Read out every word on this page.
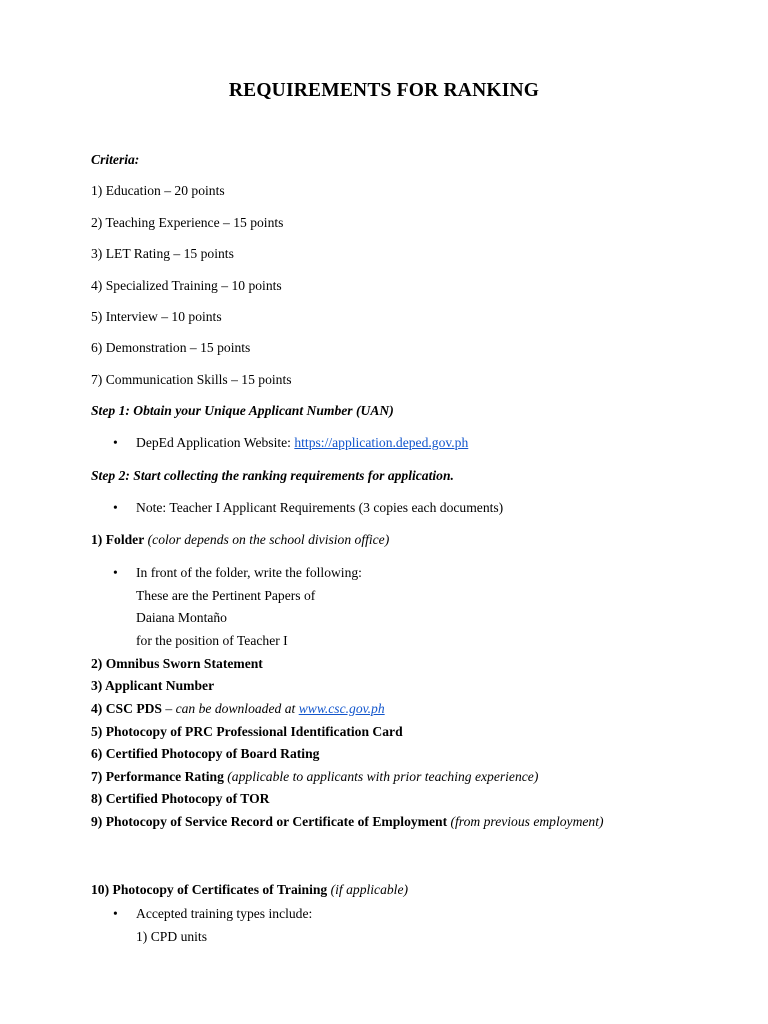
REQUIREMENTS FOR RANKING
Criteria:
1) Education – 20 points
2) Teaching Experience – 15 points
3) LET Rating – 15 points
4) Specialized Training – 10 points
5) Interview – 10 points
6) Demonstration – 15 points
7) Communication Skills – 15 points
Step 1: Obtain your Unique Applicant Number (UAN)
• DepEd Application Website: https://application.deped.gov.ph
Step 2: Start collecting the ranking requirements for application.
• Note: Teacher I Applicant Requirements (3 copies each documents)
1) Folder (color depends on the school division office)
• In front of the folder, write the following:
These are the Pertinent Papers of
Daiana Montaño
for the position of Teacher I
2) Omnibus Sworn Statement
3) Applicant Number
4) CSC PDS – can be downloaded at www.csc.gov.ph
5) Photocopy of PRC Professional Identification Card
6) Certified Photocopy of Board Rating
7) Performance Rating (applicable to applicants with prior teaching experience)
8) Certified Photocopy of TOR
9) Photocopy of Service Record or Certificate of Employment (from previous employment)
10) Photocopy of Certificates of Training (if applicable)
• Accepted training types include:
1) CPD units
